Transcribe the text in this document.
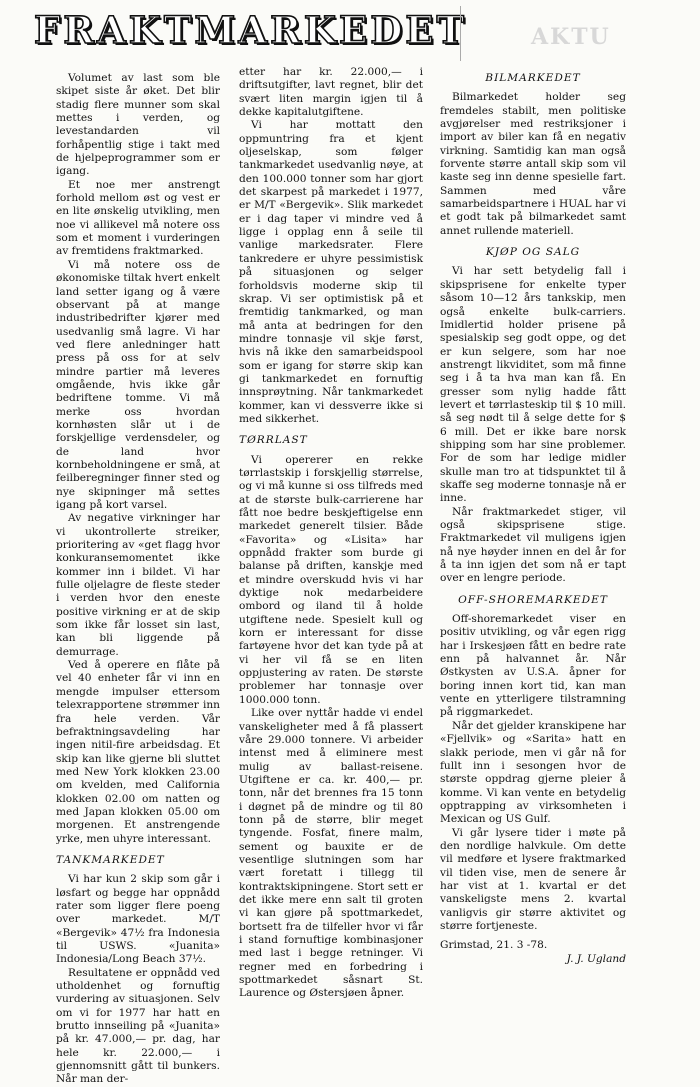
FRAKTMARKEDET	AKTU

Volumet av last som ble skipet siste år øket. Det blir stadig flere munner som skal mettes i verden, og levestandarden vil forhåpentlig stige i takt med de hjelpeprogrammer som er igang.

Et noe mer anstrengt forhold mellom øst og vest er en lite ønskelig utvikling, men noe vi allikevel må notere oss som et moment i vurderingen av fremtidens fraktmarked.

Vi må notere oss de økonomiske tiltak hvert enkelt land setter igang og å være observant på at mange industribedrifter kjører med usedvanlig små lagre. Vi har ved flere anledninger hatt press på oss for at selv mindre partier må leveres omgående, hvis ikke går bedriftene tomme. Vi må merke oss hvordan kornhøsten slår ut i de forskjellige verdensdeler, og de land hvor kornbeholdningene er små, at feilberegninger finner sted og nye skipninger må settes igang på kort varsel.

Av negative virkninger har vi ukontrollerte streiker, prioritering av «get flagg hvor konkuransemomentet ikke kommer inn i bildet. Vi har fulle oljelagre de fleste steder i verden hvor den eneste positive virkning er at de skip som ikke får losset sin last, kan bli liggende på demurrage.

Ved å operere en flåte på vel 40 enheter får vi inn en mengde impulser ettersom telexrapportene strømmer inn fra hele verden. Vår befraktningsavdeling har ingen nitil-fire arbeidsdag. Et skip kan like gjerne bli sluttet med New York klokken 23.00 om kvelden, med California klokken 02.00 om natten og med Japan klokken 05.00 om morgenen. Et anstrengende yrke, men uhyre interessant.

TANKMARKEDET

Vi har kun 2 skip som går i løsfart og begge har oppnådd rater som ligger flere poeng over markedet. M/T «Bergevik» 47½ fra Indonesia til USWS. «Juanita» Indonesia/Long Beach 37½.

Resultatene er oppnådd ved utholdenhet og fornuftig vurdering av situasjonen. Selv om vi for 1977 har hatt en brutto innseiling på «Juanita» på kr. 47.000,— pr. dag, har hele kr. 22.000,— i gjennomsnitt gått til bunkers. Når man der-

etter har kr. 22.000,— i driftsutgifter, lavt regnet, blir det svært liten margin igjen til å dekke kapitalutgiftene.

Vi har mottatt den oppmuntring fra et kjent oljeselskap, som følger tankmarkedet usedvanlig nøye, at den 100.000 tonner som har gjort det skarpest på markedet i 1977, er M/T «Bergevik». Slik markedet er i dag taper vi mindre ved å ligge i opplag enn å seile til vanlige markedsrater. Flere tankredere er uhyre pessimistisk på situasjonen og selger forholdsvis moderne skip til skrap. Vi ser optimistisk på et fremtidig tankmarked, og man må anta at bedringen for den mindre tonnasje vil skje først, hvis nå ikke den samarbeidspool som er igang for større skip kan gi tankmarkedet en fornuftig innsprøytning. Når tankmarkedet kommer, kan vi dessverre ikke si med sikkerhet.

TØRRLAST

Vi opererer en rekke tørrlastskip i forskjellig størrelse, og vi må kunne si oss tilfreds med at de største bulk-carrierene har fått noe bedre beskjeftigelse enn markedet generelt tilsier. Både «Favorita» og «Lisita» har oppnådd frakter som burde gi balanse på driften, kanskje med et mindre overskudd hvis vi har dyktige nok medarbeidere ombord og iland til å holde utgiftene nede. Spesielt kull og korn er interessant for disse fartøyene hvor det kan tyde på at vi her vil få se en liten oppjustering av raten. De største problemer har tonnasje over 1000.000 tonn.

Like over nyttår hadde vi endel vanskeligheter med å få plassert våre 29.000 tonnere. Vi arbeider intenst med å eliminere mest mulig av ballast-reisene. Utgiftene er ca. kr. 400,— pr. tonn, når det brennes fra 15 tonn i døgnet på de mindre og til 80 tonn på de større, blir meget tyngende. Fosfat, finere malm, sement og bauxite er de vesentlige slutningen som har vært foretatt i tillegg til kontraktskipningene. Stort sett er det ikke mere enn salt til groten vi kan gjøre på spottmarkedet, bortsett fra de tilfeller hvor vi får i stand fornuftige kombinasjoner med last i begge retninger. Vi regner med en forbedring i spottmarkedet såsnart St. Laurence og Østersjøen åpner.

BILMARKEDET

Bilmarkedet holder seg fremdeles stabilt, men politiske avgjørelser med restriksjoner i import av biler kan få en negativ virkning. Samtidig kan man også forvente større antall skip som vil kaste seg inn denne spesielle fart. Sammen med våre samarbeidspartnere i HUAL har vi et godt tak på bilmarkedet samt annet rullende materiell.

KJØP OG SALG

Vi har sett betydelig fall i skipsprisene for enkelte typer såsom 10—12 års tankskip, men også enkelte bulk-carriers. Imidlertid holder prisene på spesialskip seg godt oppe, og det er kun selgere, som har noe anstrengt likviditet, som må finne seg i å ta hva man kan få. En gresser som nylig hadde fått levert et tørrlasteskip til $ 10 mill. så seg nødt til å selge dette for $ 6 mill. Det er ikke bare norsk shipping som har sine problemer. For de som har ledige midler skulle man tro at tidspunktet til å skaffe seg moderne tonnasje nå er inne.

Når fraktmarkedet stiger, vil også skipsprisene stige. Fraktmarkedet vil muligens igjen nå nye høyder innen en del år for å ta inn igjen det som nå er tapt over en lengre periode.

OFF-SHOREMARKEDET

Off-shoremarkedet viser en positiv utvikling, og vår egen rigg har i Irskesjøen fått en bedre rate enn på halvannet år. Når Østkysten av U.S.A. åpner for boring innen kort tid, kan man vente en ytterligere tilstramning på riggmarkedet.

Når det gjelder kranskipene har «Fjellvik» og «Sarita» hatt en slakk periode, men vi går nå for fullt inn i sesongen hvor de største oppdrag gjerne pleier å komme. Vi kan vente en betydelig opptrapping av virksomheten i Mexican og US Gulf.

Vi går lysere tider i møte på den nordlige halvkule. Om dette vil medføre et lysere fraktmarked vil tiden vise, men de senere år har vist at 1. kvartal er det vanskeligste mens 2. kvartal vanligvis gir større aktivitet og større fortjeneste.

Grimstad, 21. 3 -78.
J. J. Ugland
